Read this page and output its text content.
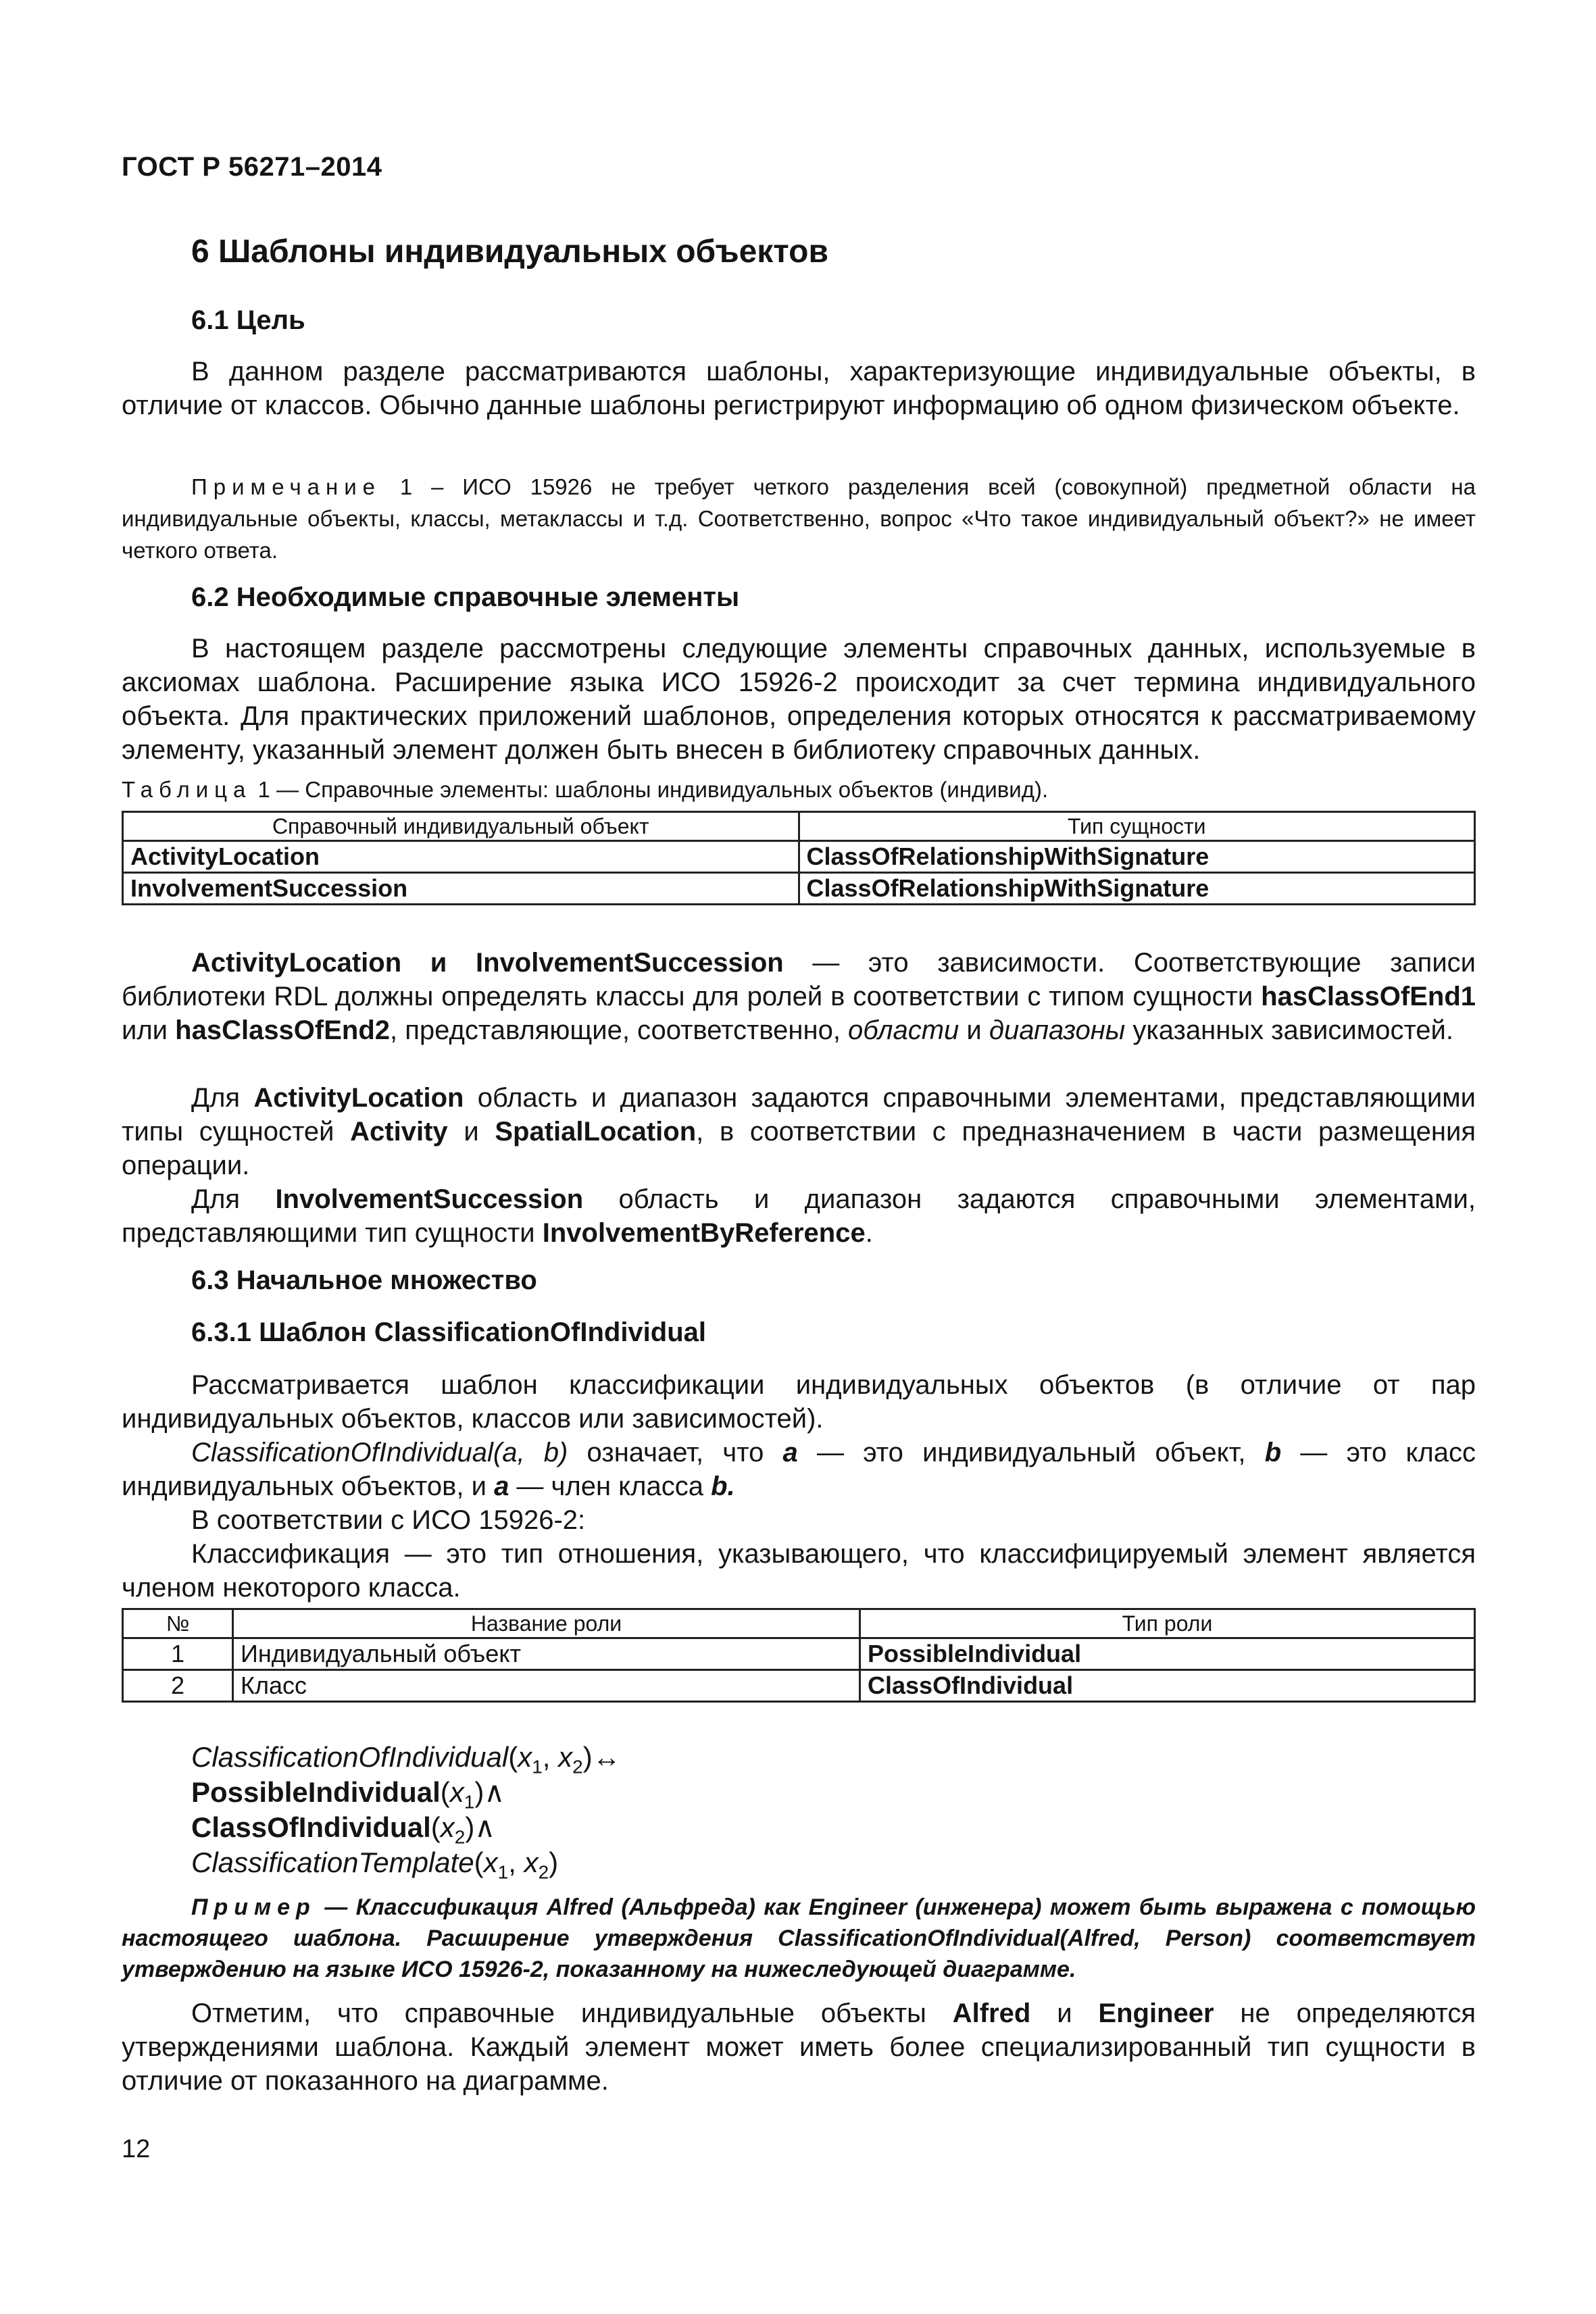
ГОСТ Р 56271–2014
6 Шаблоны индивидуальных объектов
6.1 Цель

В данном разделе рассматриваются шаблоны, характеризующие индивидуальные объекты, в отличие от классов. Обычно данные шаблоны регистрируют информацию об одном физическом объекте.

Примечание 1 – ИСО 15926 не требует четкого разделения всей (совокупной) предметной области на индивидуальные объекты, классы, метаклассы и т.д. Соответственно, вопрос «Что такое индивидуальный объект?» не имеет четкого ответа.

6.2 Необходимые справочные элементы

В настоящем разделе рассмотрены следующие элементы справочных данных, используемые в аксиомах шаблона. Расширение языка ИСО 15926-2 происходит за счет термина индивидуального объекта. Для практических приложений шаблонов, определения которых относятся к рассматриваемому элементу, указанный элемент должен быть внесен в библиотеку справочных данных.

Таблица 1 — Справочные элементы: шаблоны индивидуальных объектов (индивид).
Справочный индивидуальный объект	Тип сущности
ActivityLocation	ClassOfRelationshipWithSignature
InvolvementSuccession	ClassOfRelationshipWithSignature

ActivityLocation и InvolvementSuccession — это зависимости. Соответствующие записи библиотеки RDL должны определять классы для ролей в соответствии с типом сущности hasClassOfEnd1 или hasClassOfEnd2, представляющие, соответственно, области и диапазоны указанных зависимостей.

Для ActivityLocation область и диапазон задаются справочными элементами, представляющими типы сущностей Activity и SpatialLocation, в соответствии с предназначением в части размещения операции.

Для InvolvementSuccession область и диапазон задаются справочными элементами, представляющими тип сущности InvolvementByReference.

6.3 Начальное множество
6.3.1 Шаблон ClassificationOfIndividual

Рассматривается шаблон классификации индивидуальных объектов (в отличие от пар индивидуальных объектов, классов или зависимостей).

ClassificationOfIndividual(a, b) означает, что a — это индивидуальный объект, b — это класс индивидуальных объектов, и a — член класса b.

В соответствии с ИСО 15926-2:

Классификация — это тип отношения, указывающего, что классифицируемый элемент является членом некоторого класса.

№	Название роли	Тип роли
1	Индивидуальный объект	PossibleIndividual
2	Класс	ClassOfIndividual
$ClassificationOfIndividual(x_1$, $x_2)\leftrightarrow$
$PossibleIndividual(x_1)\wedge$
$ClassOfIndividual(x_2)\wedge$
$ClassificationTemplate(x_1$, $x_2$)

Пример — Классификация Alfred (Альфреда) как Engineer (инженера) может быть выражена с помощью настоящего шаблона. Расширение утверждения ClassificationOfIndividual(Alfred, Person) соответствует утверждению на языке ИСО 15926-2, показанному на нижеследующей диаграмме.

Отметим, что справочные индивидуальные объекты Alfred и Engineer не определяются утверждениями шаблона. Каждый элемент может иметь более специализированный тип сущности в отличие от показанного на диаграмме.

12
